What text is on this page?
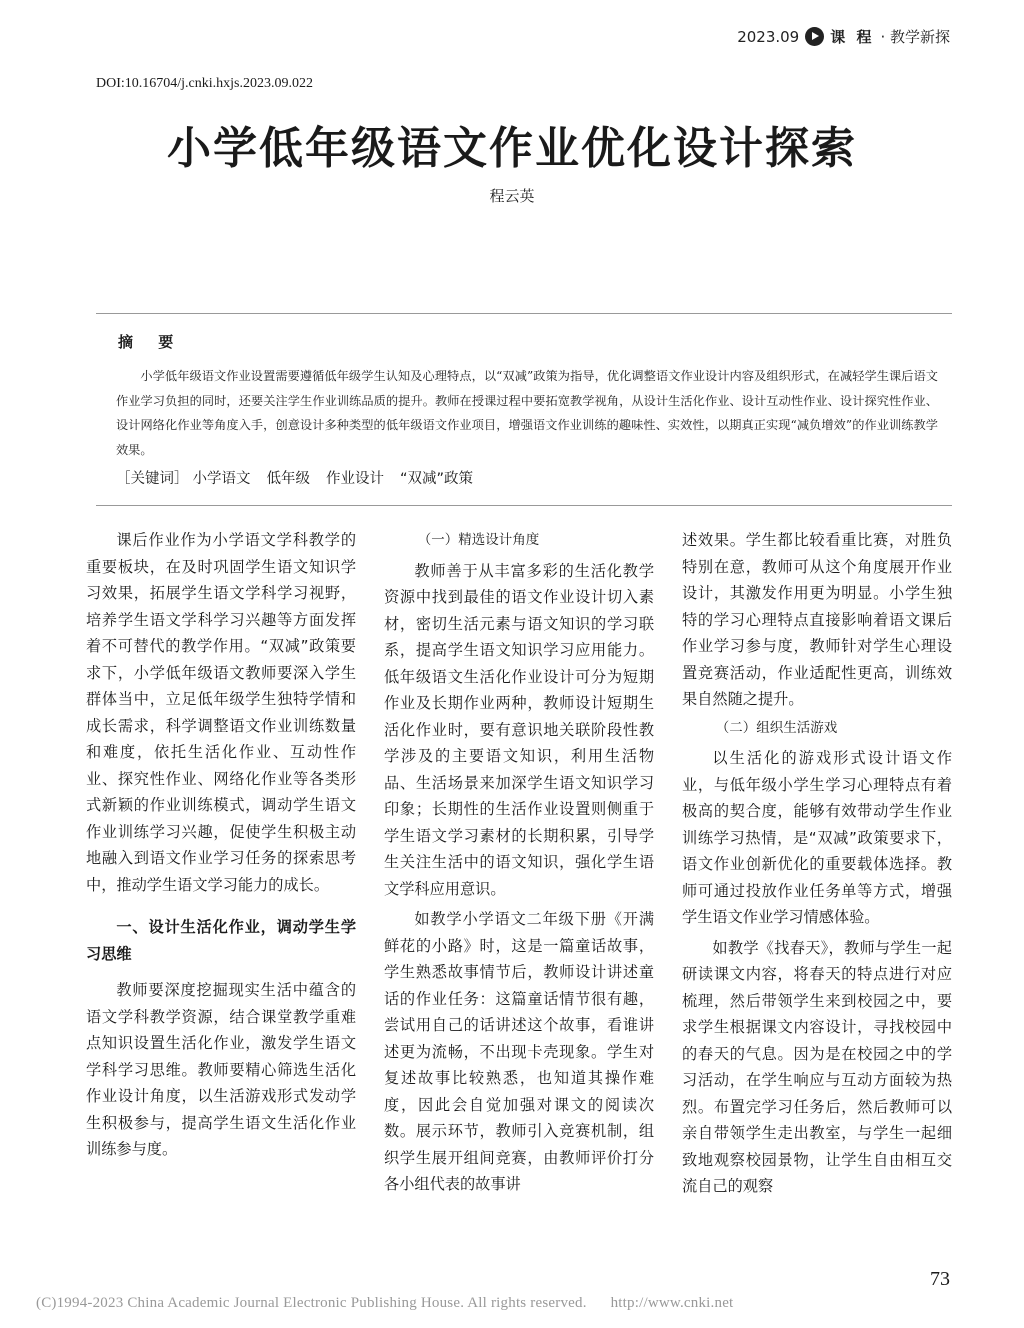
2023.09 课 程 · 教学新探
DOI:10.16704/j.cnki.hxjs.2023.09.022
小学低年级语文作业优化设计探索
程云英
摘 要

小学低年级语文作业设置需要遵循低年级学生认知及心理特点，以“双减”政策为指导，优化调整语文作业设计内容及组织形式，在减轻学生课后语文作业学习负担的同时，还要关注学生作业训练品质的提升。教师在授课过程中要拓宽教学视角，从设计生活化作业、设计互动性作业、设计探究性作业、设计网络化作业等角度入手，创意设计多种类型的低年级语文作业项目，增强语文作业训练的趣味性、实效性，以期真正实现“减负增效”的作业训练教学效果。

［关键词］ 小学语文 低年级 作业设计 “双减”政策

课后作业作为小学语文学科教学的重要板块，在及时巩固学生语文知识学习效果，拓展学生语文学科学习视野，培养学生语文学科学习兴趣等方面发挥着不可替代的教学作用。“双减”政策要求下，小学低年级语文教师要深入学生群体当中，立足低年级学生独特学情和成长需求，科学调整语文作业训练数量和难度，依托生活化作业、互动性作业、探究性作业、网络化作业等各类形式新颖的作业训练模式，调动学生语文作业训练学习兴趣，促使学生积极主动地融入到语文作业学习任务的探索思考中，推动学生语文学习能力的成长。

一、设计生活化作业，调动学生学习思维

教师要深度挖掘现实生活中蕴含的语文学科教学资源，结合课堂教学重难点知识设置生活化作业，激发学生语文学科学习思维。教师要精心筛选生活化作业设计角度，以生活游戏形式发动学生积极参与，提高学生语文生活化作业训练参与度。

（一）精选设计角度

教师善于从丰富多彩的生活化教学资源中找到最佳的语文作业设计切入素材，密切生活元素与语文知识的学习联系，提高学生语文知识学习应用能力。低年级语文生活化作业设计可分为短期作业及长期作业两种，教师设计短期生活化作业时，要有意识地关联阶段性教学涉及的主要语文知识，利用生活物品、生活场景来加深学生语文知识学习印象；长期性的生活作业设置则侧重于学生语文学习素材的长期积累，引导学生关注生活中的语文知识，强化学生语文学科应用意识。

如教学小学语文二年级下册《开满鲜花的小路》时，这是一篇童话故事，学生熟悉故事情节后，教师设计讲述童话的作业任务：这篇童话情节很有趣，尝试用自己的话讲述这个故事，看谁讲述更为流畅，不出现卡壳现象。学生对复述故事比较熟悉，也知道其操作难度，因此会自觉加强对课文的阅读次数。展示环节，教师引入竞赛机制，组织学生展开组间竞赛，由教师评价打分各小组代表的故事讲

述效果。学生都比较看重比赛，对胜负特别在意，教师可从这个角度展开作业设计，其激发作用更为明显。小学生独特的学习心理特点直接影响着语文课后作业学习参与度，教师针对学生心理设置竞赛活动，作业适配性更高，训练效果自然随之提升。

（二）组织生活游戏

以生活化的游戏形式设计语文作业，与低年级小学生学习心理特点有着极高的契合度，能够有效带动学生作业训练学习热情，是“双减”政策要求下，语文作业创新优化的重要载体选择。教师可通过投放作业任务单等方式，增强学生语文作业学习情感体验。

如教学《找春天》，教师与学生一起研读课文内容，将春天的特点进行对应梳理，然后带领学生来到校园之中，要求学生根据课文内容设计，寻找校园中的春天的气息。因为是在校园之中的学习活动，在学生响应与互动方面较为热烈。布置完学习任务后，然后教师可以亲自带领学生走出教室，与学生一起细致地观察校园景物，让学生自由相互交流自己的观察

73
(C)1994-2023 China Academic Journal Electronic Publishing House. All rights reserved. http://www.cnki.net
